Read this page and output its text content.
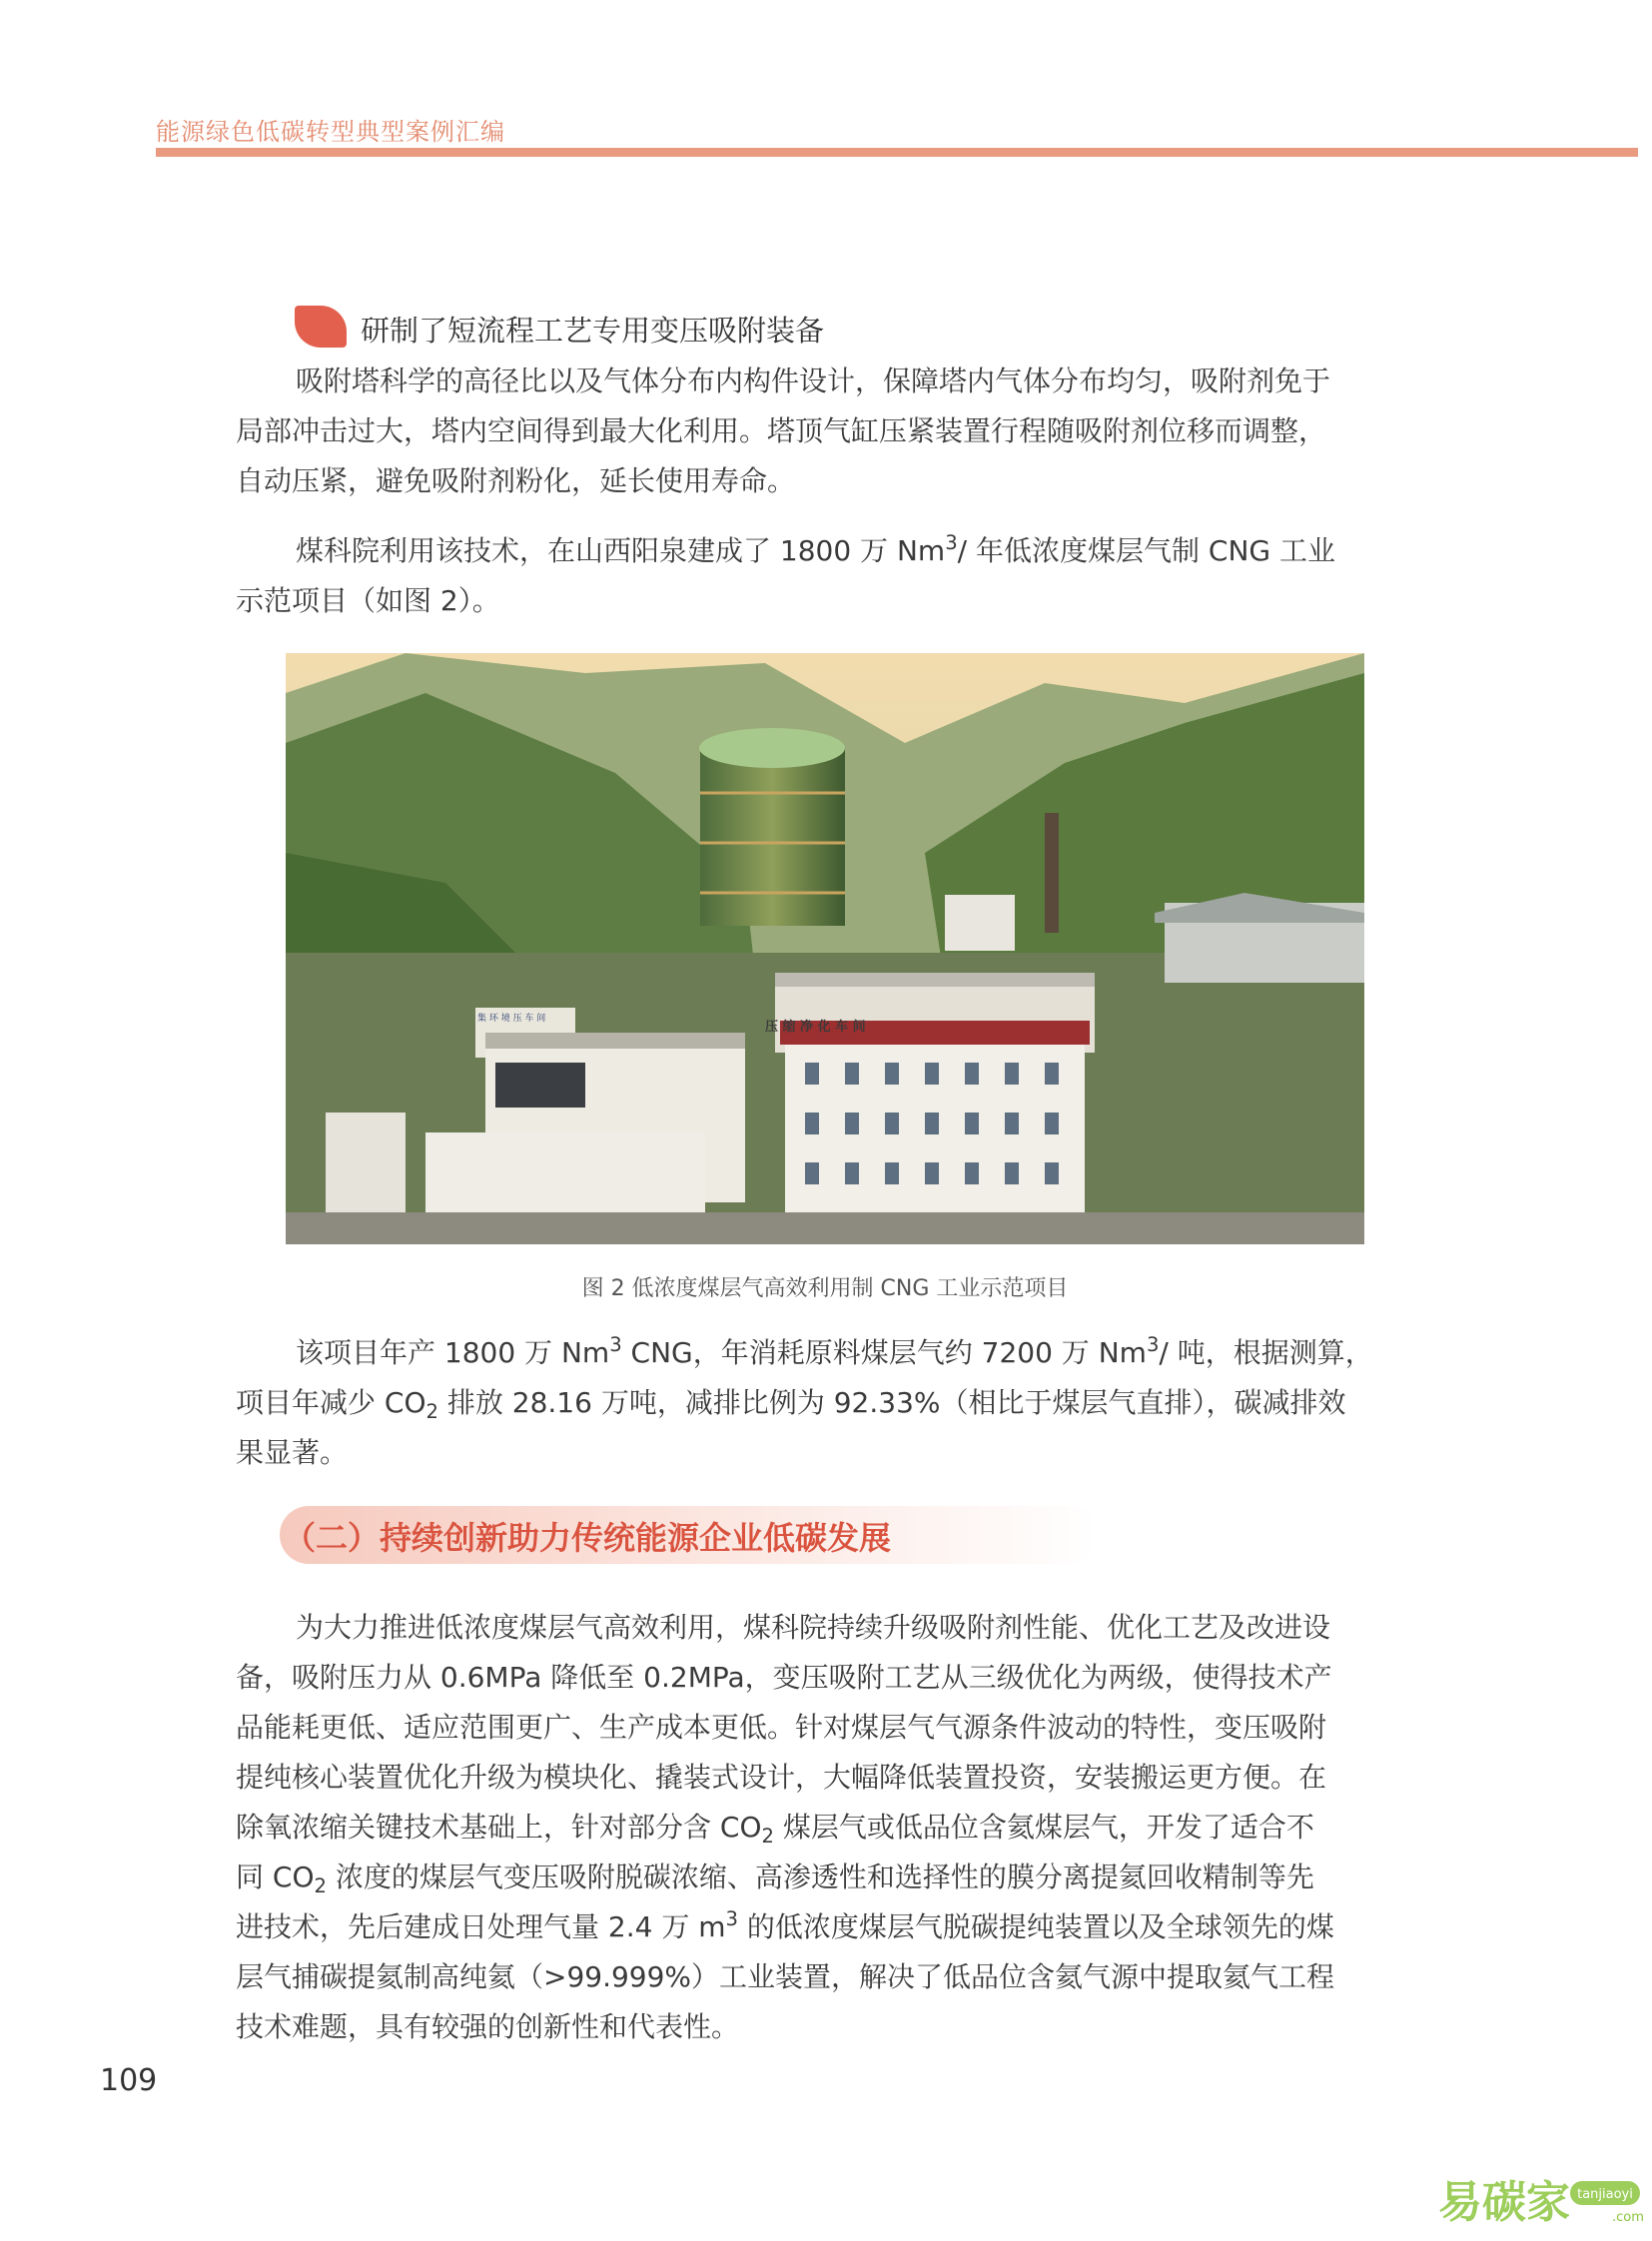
能源绿色低碳转型典型案例汇编
研制了短流程工艺专用变压吸附装备

吸附塔科学的高径比以及气体分布内构件设计，保障塔内气体分布均匀，吸附剂免于
局部冲击过大，塔内空间得到最大化利用。塔顶气缸压紧装置行程随吸附剂位移而调整，
自动压紧，避免吸附剂粉化，延长使用寿命。

煤科院利用该技术，在山西阳泉建成了 1800 万 Nm$^3$/ 年低浓度煤层气制 CNG 工业
示范项目（如图 2）。

压 缩 净 化 车 间
集 环 境 压 车 间
图 2 低浓度煤层气高效利用制 CNG 工业示范项目

该项目年产 1800 万 Nm$^3$ CNG，年消耗原料煤层气约 7200 万 Nm$^3$/ 吨，根据测算，
项目年减少 $CO_2$ 排放 28.16 万吨，减排比例为 92.33%（相比于煤层气直排），碳减排效
果显著。

（二）持续创新助力传统能源企业低碳发展

为大力推进低浓度煤层气高效利用，煤科院持续升级吸附剂性能、优化工艺及改进设
备，吸附压力从 0.6MPa 降低至 0.2MPa，变压吸附工艺从三级优化为两级，使得技术产
品能耗更低、适应范围更广、生产成本更低。针对煤层气气源条件波动的特性，变压吸附
提纯核心装置优化升级为模块化、撬装式设计，大幅降低装置投资，安装搬运更方便。在
除氧浓缩关键技术基础上，针对部分含 $CO_2$ 煤层气或低品位含氦煤层气，开发了适合不
同 $CO_2$ 浓度的煤层气变压吸附脱碳浓缩、高渗透性和选择性的膜分离提氦回收精制等先
进技术，先后建成日处理气量 2.4 万 $m^3$ 的低浓度煤层气脱碳提纯装置以及全球领先的煤
层气捕碳提氦制高纯氦（>99.999%）工业装置，解决了低品位含氦气源中提取氦气工程
技术难题，具有较强的创新性和代表性。

109
易碳家 tanjiaoyi
.com
